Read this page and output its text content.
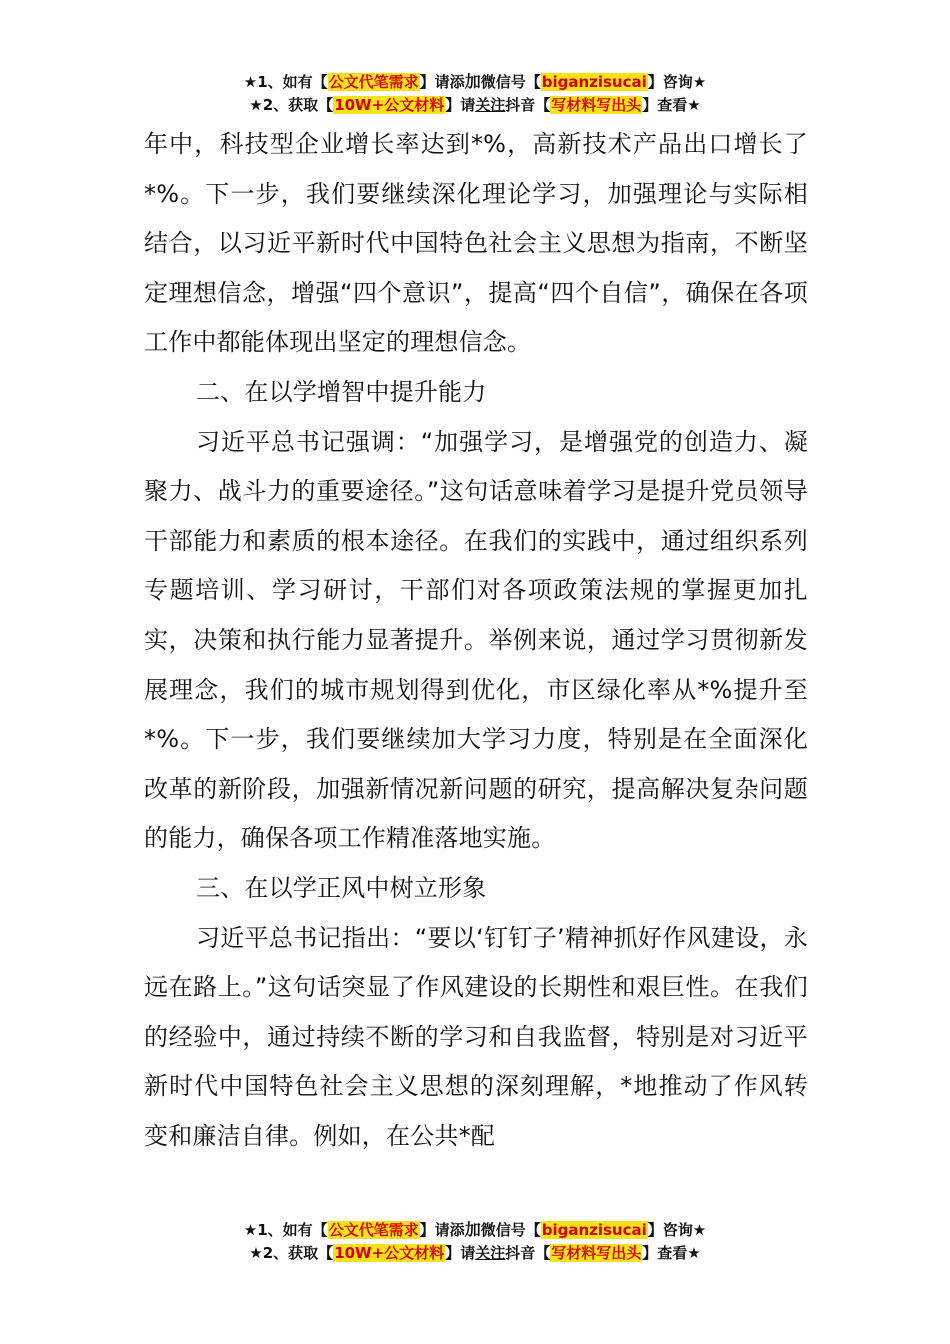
★1、如有【公文代笔需求】请添加微信号【biganzisucai】咨询★
★2、获取【10W+公文材料】请关注抖音【写材料写出头】查看★

年中，科技型企业增长率达到*%，高新技术产品出口增长了*%。下一步，我们要继续深化理论学习，加强理论与实际相结合，以习近平新时代中国特色社会主义思想为指南，不断坚定理想信念，增强“四个意识”，提高“四个自信”，确保在各项工作中都能体现出坚定的理想信念。

二、在以学增智中提升能力

习近平总书记强调：“加强学习，是增强党的创造力、凝聚力、战斗力的重要途径。”这句话意味着学习是提升党员领导干部能力和素质的根本途径。在我们的实践中，通过组织系列专题培训、学习研讨，干部们对各项政策法规的掌握更加扎实，决策和执行能力显著提升。举例来说，通过学习贯彻新发展理念，我们的城市规划得到优化，市区绿化率从*%提升至*%。下一步，我们要继续加大学习力度，特别是在全面深化改革的新阶段，加强新情况新问题的研究，提高解决复杂问题的能力，确保各项工作精准落地实施。

三、在以学正风中树立形象

习近平总书记指出：“要以‘钉钉子’精神抓好作风建设，永远在路上。”这句话突显了作风建设的长期性和艰巨性。在我们的经验中，通过持续不断的学习和自我监督，特别是对习近平新时代中国特色社会主义思想的深刻理解，*地推动了作风转变和廉洁自律。例如，在公共*配

★1、如有【公文代笔需求】请添加微信号【biganzisucai】咨询★
★2、获取【10W+公文材料】请关注抖音【写材料写出头】查看★
